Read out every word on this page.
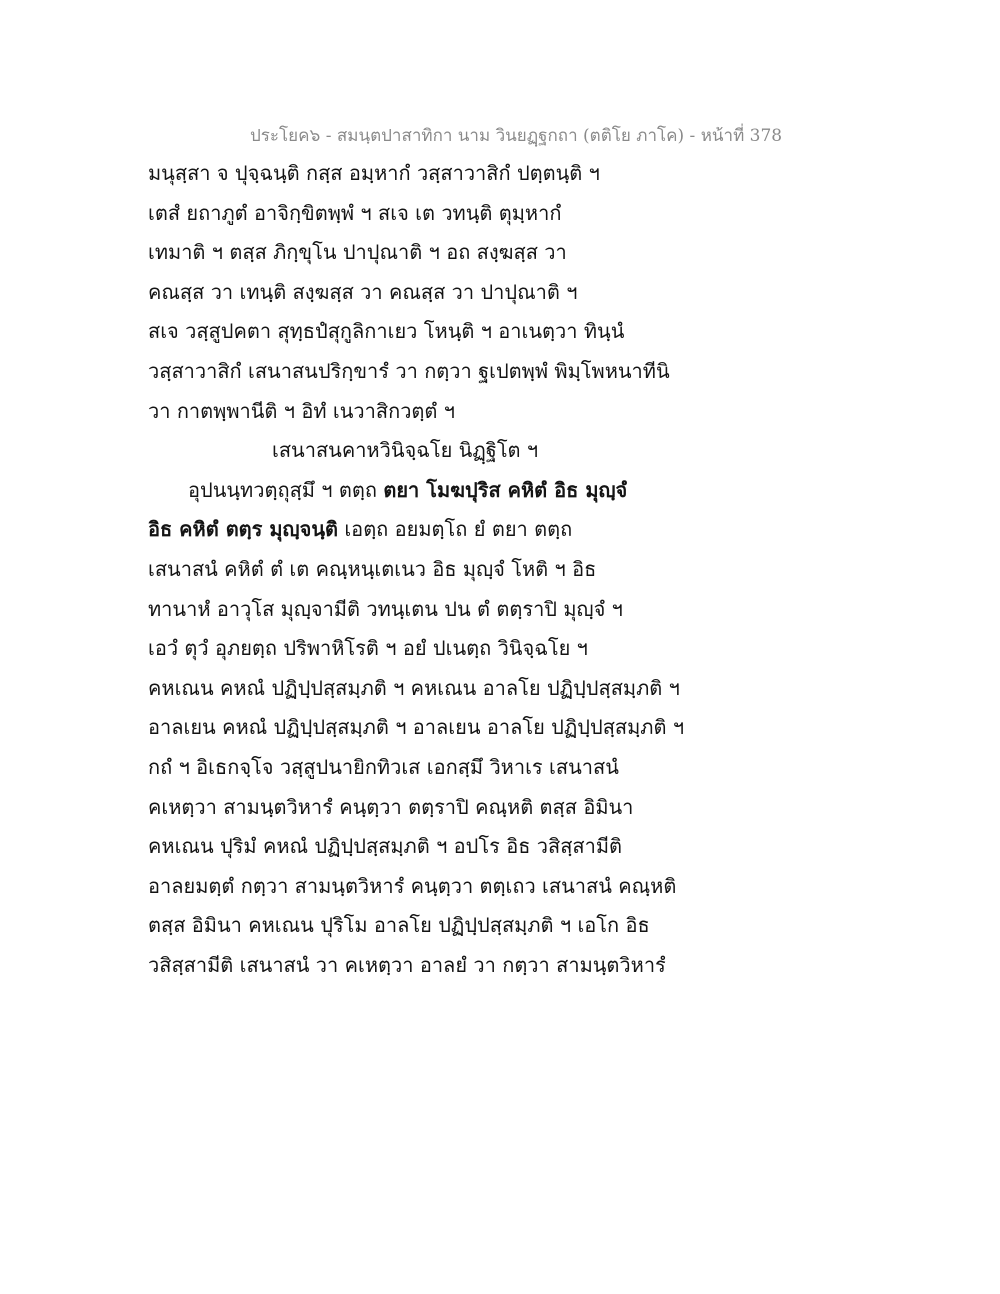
ประโยค๖ - สมนฺตปาสาทิกา นาม วินยฏฺฐกถา (ตติโย ภาโค) - หน้าที่ 378
มนุสฺสา จ ปุจฺฉนฺติ กสฺส อมฺหากํ วสฺสาวาสิกํ ปตฺตนฺติ ฯ
เตสํ ยถาภูตํ อาจิกฺขิตพฺพํ ฯ สเจ เต วทนฺติ ตุมฺหากํ
เทมาติ ฯ ตสฺส ภิกฺขุโน ปาปุณาติ ฯ อถ สงฺฆสฺส วา
คณสฺส วา เทนฺติ สงฺฆสฺส วา คณสฺส วา ปาปุณาติ ฯ
สเจ วสฺสูปคตา สุทฺธปํสุกูลิกาเยว โหนฺติ ฯ อาเนตฺวา ทินฺนํ
วสฺสาวาสิกํ เสนาสนปริกฺขารํ วา กตฺวา ฐเปตพฺพํ พิมฺโพหนาทีนิ
วา กาตพฺพานีติ ฯ อิทํ เนวาสิกวตฺตํ ฯ
เสนาสนคาหวินิจฺฉโย นิฏฺฐิโต ฯ
อุปนนฺทวตฺถุสฺมึ ฯ ตตฺถ ตยา โมฆปุริส คหิตํ อิธ มุญฺจํ
อิธ คหิตํ ตตฺร มุญฺจนฺติ เอตฺถ อยมตฺโถ ยํ ตยา ตตฺถ
เสนาสนํ คหิตํ ตํ เต คณฺหนฺเตเนว อิธ มุญฺจํ โหติ ฯ อิธ
ทานาหํ อาวุโส มุญฺจามีติ วทนฺเตน ปน ตํ ตตฺราปิ มุญฺจํ ฯ
เอวํ ตุวํ อุภยตฺถ ปริพาหิโรติ ฯ อยํ ปเนตฺถ วินิจฺฉโย ฯ
คหเณน คหณํ ปฏิปฺปสฺสมฺภติ ฯ คหเณน อาลโย ปฏิปฺปสฺสมฺภติ ฯ
อาลเยน คหณํ ปฏิปฺปสฺสมฺภติ ฯ อาลเยน อาลโย ปฏิปฺปสฺสมฺภติ ฯ
กถํ ฯ อิเธกจฺโจ วสฺสูปนายิกทิวเส เอกสฺมึ วิหาเร เสนาสนํ
คเหตฺวา สามนฺตวิหารํ คนฺตฺวา ตตฺราปิ คณฺหติ ตสฺส อิมินา
คหเณน ปุริมํ คหณํ ปฏิปฺปสฺสมฺภติ ฯ อปโร อิธ วสิสฺสามีติ
อาลยมตฺตํ กตฺวา สามนฺตวิหารํ คนฺตฺวา ตตฺเถว เสนาสนํ คณฺหติ
ตสฺส อิมินา คหเณน ปุริโม อาลโย ปฏิปฺปสฺสมฺภติ ฯ เอโก อิธ
วสิสฺสามีติ เสนาสนํ วา คเหตฺวา อาลยํ วา กตฺวา สามนฺตวิหารํ
